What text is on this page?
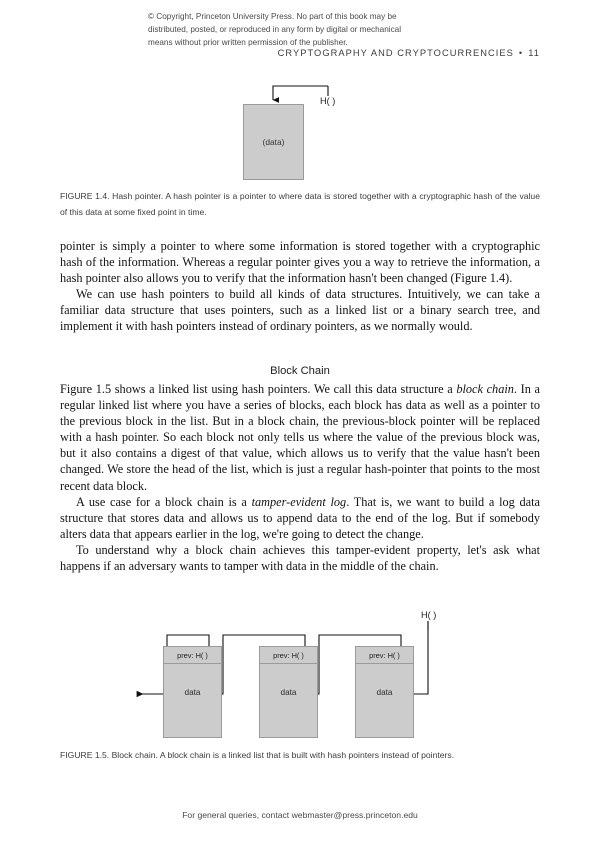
© Copyright, Princeton University Press. No part of this book may be
distributed, posted, or reproduced in any form by digital or mechanical
means without prior written permission of the publisher.
CRYPTOGRAPHY AND CRYPTOCURRENCIES • 11
(data)
H( )
FIGURE 1.4. Hash pointer. A hash pointer is a pointer to where data is stored together with a cryptographic hash of the value of this data at some fixed point in time.

pointer is simply a pointer to where some information is stored together with a cryptographic hash of the information. Whereas a regular pointer gives you a way to retrieve the information, a hash pointer also allows you to verify that the information hasn't been changed (Figure 1.4).

We can use hash pointers to build all kinds of data structures. Intuitively, we can take a familiar data structure that uses pointers, such as a linked list or a binary search tree, and implement it with hash pointers instead of ordinary pointers, as we normally would.

Block Chain

Figure 1.5 shows a linked list using hash pointers. We call this data structure a block chain. In a regular linked list where you have a series of blocks, each block has data as well as a pointer to the previous block in the list. But in a block chain, the previous-block pointer will be replaced with a hash pointer. So each block not only tells us where the value of the previous block was, but it also contains a digest of that value, which allows us to verify that the value hasn't been changed. We store the head of the list, which is just a regular hash-pointer that points to the most recent data block.

A use case for a block chain is a tamper-evident log. That is, we want to build a log data structure that stores data and allows us to append data to the end of the log. But if somebody alters data that appears earlier in the log, we're going to detect the change.

To understand why a block chain achieves this tamper-evident property, let's ask what happens if an adversary wants to tamper with data in the middle of the chain.

prev: H( )
data
prev: H( )
data
prev: H( )
data
H( )
FIGURE 1.5. Block chain. A block chain is a linked list that is built with hash pointers instead of pointers.
For general queries, contact webmaster@press.princeton.edu
